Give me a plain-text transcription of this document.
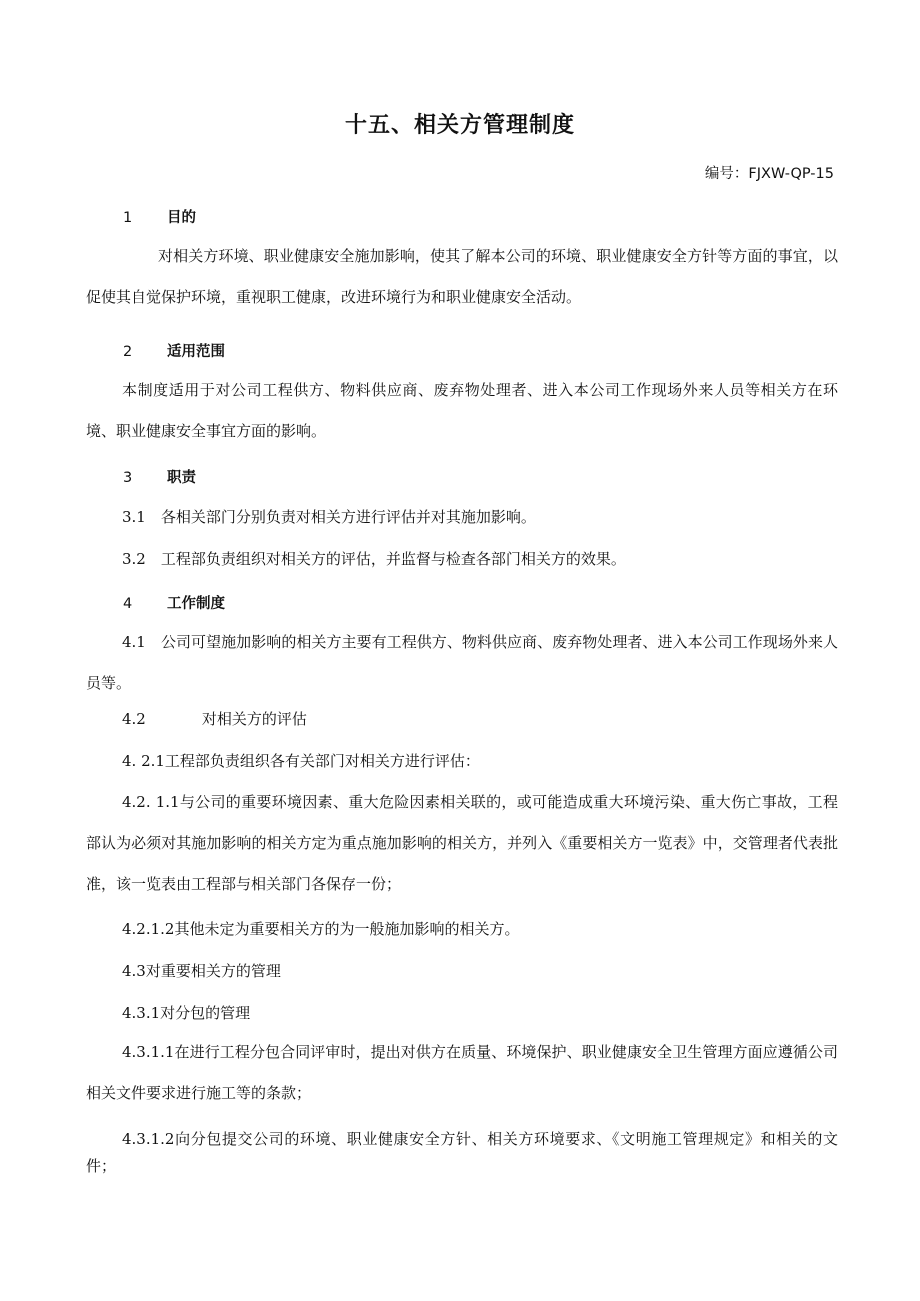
十五、相关方管理制度
编号：FJXW-QP-15
1 目的
对相关方环境、职业健康安全施加影响，使其了解本公司的环境、职业健康安全方针等方面的事宜，以促使其自觉保护环境，重视职工健康，改进环境行为和职业健康安全活动。
2 适用范围
本制度适用于对公司工程供方、物料供应商、废弃物处理者、进入本公司工作现场外来人员等相关方在环境、职业健康安全事宜方面的影响。
3 职责
3.1　各相关部门分别负责对相关方进行评估并对其施加影响。
3.2　工程部负责组织对相关方的评估，并监督与检查各部门相关方的效果。
4 工作制度
4.1　公司可望施加影响的相关方主要有工程供方、物料供应商、废弃物处理者、进入本公司工作现场外来人员等。
4.2	对相关方的评估
4. 2.1工程部负责组织各有关部门对相关方进行评估：
4.2. 1.1与公司的重要环境因素、重大危险因素相关联的，或可能造成重大环境污染、重大伤亡事故，工程部认为必须对其施加影响的相关方定为重点施加影响的相关方，并列入《重要相关方一览表》中，交管理者代表批准，该一览表由工程部与相关部门各保存一份；
4.2.1.2其他未定为重要相关方的为一般施加影响的相关方。
4.3对重要相关方的管理
4.3.1对分包的管理
4.3.1.1在进行工程分包合同评审时，提出对供方在质量、环境保护、职业健康安全卫生管理方面应遵循公司相关文件要求进行施工等的条款；
4.3.1.2向分包提交公司的环境、职业健康安全方针、相关方环境要求、《文明施工管理规定》和相关的文件；
